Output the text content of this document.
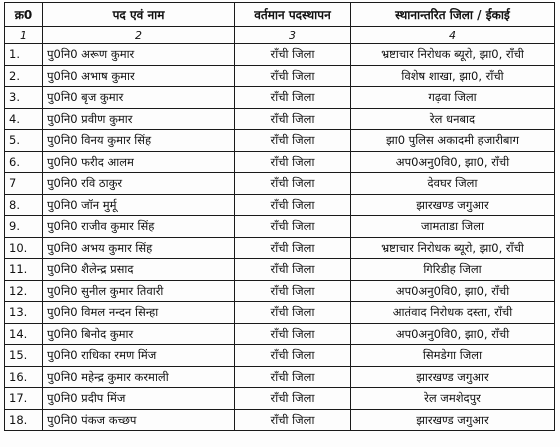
क्र0	पद एवं नाम	वर्तमान पदस्थापन	स्थानान्तरित जिला / ईकाई
1	2	3	4
1.	पु0नि0 अरूण कुमार	राँची जिला	भ्रष्टाचार निरोधक ब्यूरो, झा0, राँची
2.	पु0नि0 अभाष कुमार	राँची जिला	विशेष शाखा, झा0, राँची
3.	पु0नि0 बृज कुमार	राँची जिला	गढ़वा जिला
4.	पु0नि0 प्रवीण कुमार	राँची जिला	रेल धनबाद
5.	पु0नि0 विनय कुमार सिंह	राँची जिला	झा0 पुलिस अकादमी हजारीबाग
6.	पु0नि0 फरीद आलम	राँची जिला	अप0अनु0वि0, झा0, राँची
7	पु0नि0 रवि ठाकुर	राँची जिला	देवघर जिला
8.	पु0नि0 जॉन मुर्मू	राँची जिला	झारखण्ड जगुआर
9.	पु0नि0 राजीव कुमार सिंह	राँची जिला	जामताडा जिला
10.	पु0नि0 अभय कुमार सिंह	राँची जिला	भ्रष्टाचार निरोधक ब्यूरो, झा0, राँची
11.	पु0नि0 शैलेन्द्र प्रसाद	राँची जिला	गिरिडीह जिला
12.	पु0नि0 सुनील कुमार तिवारी	राँची जिला	अप0अनु0वि0, झा0, राँची
13.	पु0नि0 विमल नन्दन सिन्हा	राँची जिला	आतंवाद निरोधक दस्ता, राँची
14.	पु0नि0 बिनोद कुमार	राँची जिला	अप0अनु0वि0, झा0, राँची
15.	पु0नि0 राधिका रमण मिंज	राँची जिला	सिमडेगा जिला
16.	पु0नि0 महेन्द्र कुमार करमाली	राँची जिला	झारखण्ड जगुआर
17.	पु0नि0 प्रदीप मिंज	राँची जिला	रेल जमशेदपुर
18.	पु0नि0 पंकज कच्छप	राँची जिला	झारखण्ड जगुआर
